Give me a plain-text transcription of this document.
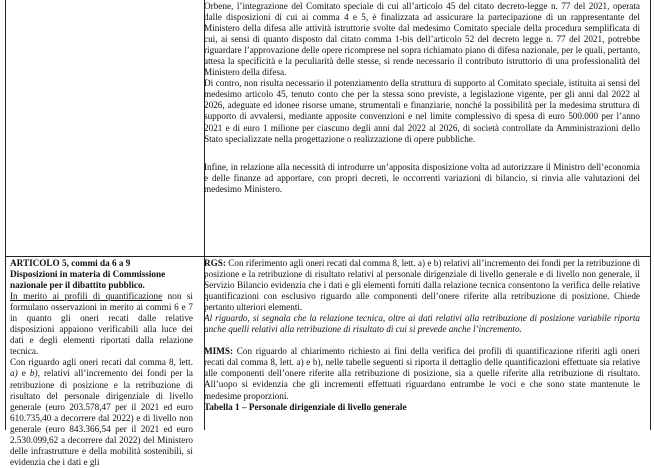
Orbene, l’integrazione del Comitato speciale di cui all’articolo 45 del citato decreto-legge n. 77 del 2021, operata dalle disposizioni di cui ai comma 4 e 5, è finalizzata ad assicurare la partecipazione di un rappresentante del Ministero della difesa alle attività istruttorie svolte dal medesimo Comitato speciale della procedura semplificata di cui, ai sensi di quanto disposto dal citato comma 1-bis dell’articolo 52 del decreto legge n. 77 del 2021, potrebbe riguardare l’approvazione delle opere ricomprese nel sopra richiamato piano di difesa nazionale, per le quali, pertanto, attesa la specificità e la peculiarità delle stesse, si rende necessario il contributo istruttorio di una professionalità del Ministero della difesa.

Di contro, non risulta necessario il potenziamento della struttura di supporto al Comitato speciale, istituita ai sensi del medesimo articolo 45, tenuto conto che per la stessa sono previste, a legislazione vigente, per gli anni dal 2022 al 2026, adeguate ed idonee risorse umane, strumentali e finanziarie, nonché la possibilità per la medesima struttura di supporto di avvalersi, mediante apposite convenzioni e nel limite complessivo di spesa di euro 500.000 per l’anno 2021 e di euro 1 milione per ciascuno degli anni dal 2022 al 2026, di società controllate da Amministrazioni dello Stato specializzate nella progettazione o realizzazione di opere pubbliche.

Infine, in relazione alla necessità di introdurre un’apposita disposizione volta ad autorizzare il Ministro dell’economia e delle finanze ad apportare, con propri decreti, le occorrenti variazioni di bilancio, si rinvia alle valutazioni del medesimo Ministero.

ARTICOLO 5, commi da 6 a 9

Disposizioni in materia di Commissione nazionale per il dibattito pubblico.

In merito ai profili di quantificazione non si formulano osservazioni in merito ai commi 6 e 7 in quanto gli oneri recati dalle relative disposizioni appaiono verificabili alla luce dei dati e degli elementi riportati dalla relazione tecnica.

Con riguardo agli oneri recati dal comma 8, lett. a) e b), relativi all’incremento dei fondi per la retribuzione di posizione e la retribuzione di risultato del personale dirigenziale di livello generale (euro 203.578,47 per il 2021 ed euro 610.735,40 a decorrere dal 2022) e di livello non generale (euro 843.366,54 per il 2021 ed euro 2.530.099,62 a decorrere dal 2022) del Ministero delle infrastrutture e della mobilità sostenibili, si evidenzia che i dati e gli

RGS: Con riferimento agli oneri recati dal comma 8, lett. a) e b) relativi all’incremento dei fondi per la retribuzione di posizione e la retribuzione di risultato relativi al personale dirigenziale di livello generale e di livello non generale, il Servizio Bilancio evidenzia che i dati e gli elementi forniti dalla relazione tecnica consentono la verifica delle relative quantificazioni con esclusivo riguardo alle componenti dell’onere riferite alla retribuzione di posizione. Chiede pertanto ulteriori elementi.

Al riguardo, si segnala che la relazione tecnica, oltre ai dati relativi alla retribuzione di posizione variabile riporta anche quelli relativi alla retribuzione di risultato di cui si prevede anche l’incremento.

MIMS: Con riguardo al chiarimento richiesto ai fini della verifica dei profili di quantificazione riferiti agli oneri recati dal comma 8, lett. a) e b), nelle tabelle seguenti si riporta il dettaglio delle quantificazioni effettuate sia relative alle componenti dell’onere riferite alla retribuzione di posizione, sia a quelle riferite alla retribuzione di risultato. All’uopo si evidenzia che gli incrementi effettuati riguardano entrambe le voci e che sono state mantenute le medesime proporzioni.

Tabella 1 – Personale dirigenziale di livello generale
